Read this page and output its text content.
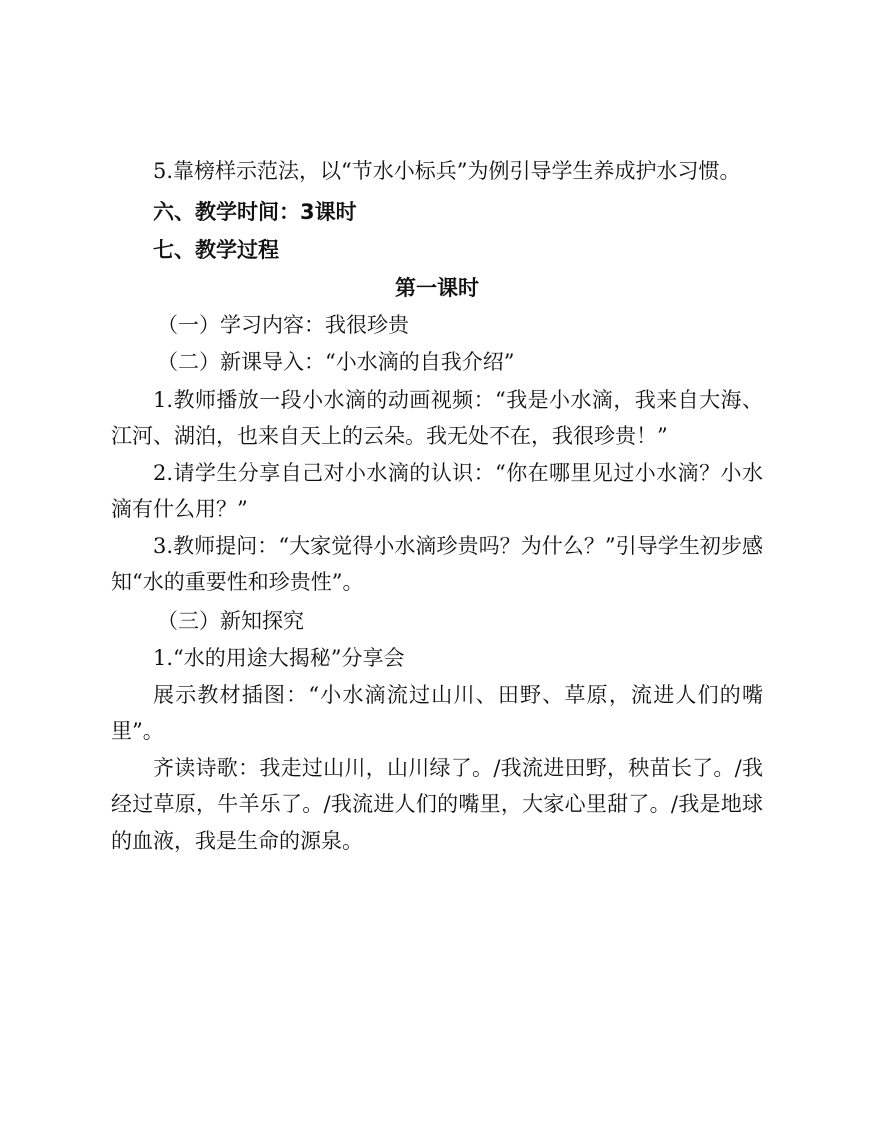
5.靠榜样示范法，以“节水小标兵”为例引导学生养成护水习惯。

六、教学时间：3课时

七、教学过程

第一课时

（一）学习内容：我很珍贵

（二）新课导入：“小水滴的自我介绍”

1.教师播放一段小水滴的动画视频：“我是小水滴，我来自大海、江河、湖泊，也来自天上的云朵。我无处不在，我很珍贵！”

2.请学生分享自己对小水滴的认识：“你在哪里见过小水滴？小水滴有什么用？”

3.教师提问：“大家觉得小水滴珍贵吗？为什么？”引导学生初步感知“水的重要性和珍贵性”。

（三）新知探究

1.“水的用途大揭秘”分享会

展示教材插图：“小水滴流过山川、田野、草原，流进人们的嘴里”。

齐读诗歌：我走过山川，山川绿了。/我流进田野，秧苗长了。/我经过草原，牛羊乐了。/我流进人们的嘴里，大家心里甜了。/我是地球的血液，我是生命的源泉。
